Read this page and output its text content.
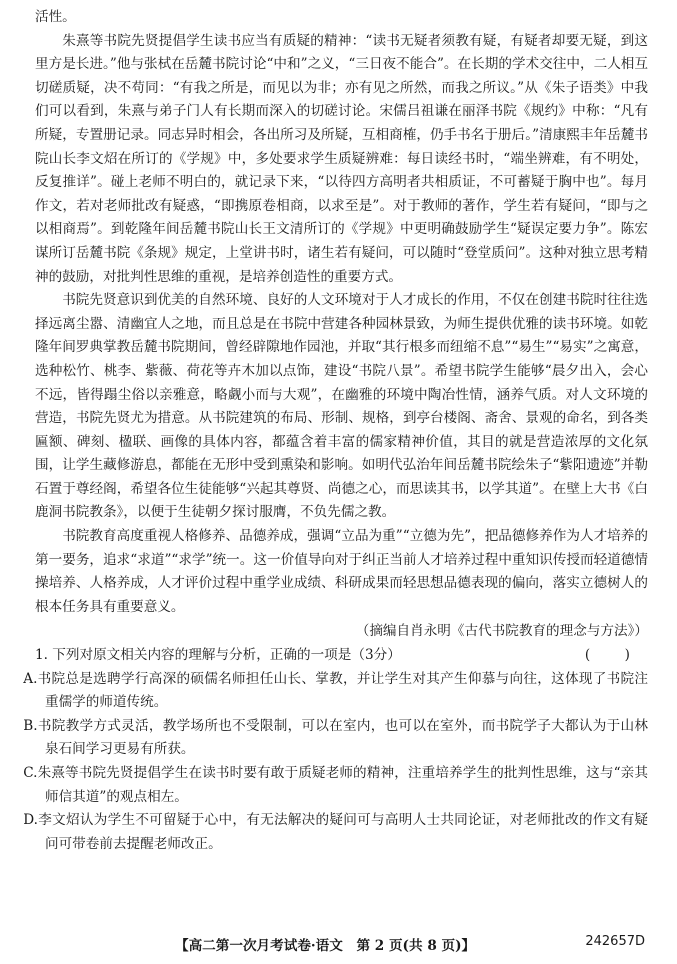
活性。

朱熹等书院先贤提倡学生读书应当有质疑的精神：“读书无疑者须教有疑，有疑者却要无疑，到这里方是长进。”他与张栻在岳麓书院讨论“中和”之义，“三日夜不能合”。在长期的学术交往中，二人相互切磋质疑，决不苟同：“有我之所是，而见以为非；亦有见之所然，而我之所议。”从《朱子语类》中我们可以看到，朱熹与弟子门人有长期而深入的切磋讨论。宋儒吕祖谦在丽泽书院《规约》中称：“凡有所疑，专置册记录。同志异时相会，各出所习及所疑，互相商榷，仍手书名于册后。”清康熙丰年岳麓书院山长李文炤在所订的《学规》中，多处要求学生质疑辨难：每日读经书时，“端坐辨难，有不明处，反复推详”。碰上老师不明白的，就记录下来，“以待四方高明者共相质证，不可蓄疑于胸中也”。每月作文，若对老师批改有疑惑，“即携原卷相商，以求至是”。对于教师的著作，学生若有疑问，“即与之以相商焉”。到乾隆年间岳麓书院山长王文清所订的《学规》中更明确鼓励学生“疑误定要力争”。陈宏谋所订岳麓书院《条规》规定，上堂讲书时，诸生若有疑问，可以随时“登堂质问”。这种对独立思考精神的鼓励，对批判性思维的重视，是培养创造性的重要方式。

书院先贤意识到优美的自然环境、良好的人文环境对于人才成长的作用，不仅在创建书院时往往选择远离尘嚣、清幽宜人之地，而且总是在书院中营建各种园林景致，为师生提供优雅的读书环境。如乾隆年间罗典掌教岳麓书院期间，曾经辟隙地作园池，并取“其行根多而纽缩不息”“易生”“易实”之寓意，选种松竹、桃李、紫薇、荷花等卉木加以点饰，建设“书院八景”。希望书院学生能够“晨夕出入，会心不远，皆得蹋尘俗以亲雅意，略觑小而与大观”，在幽雅的环境中陶冶性情，涵养气质。对人文环境的营造，书院先贤尤为措意。从书院建筑的布局、形制、规格，到亭台楼阁、斋舍、景观的命名，到各类匾额、碑刻、楹联、画像的具体内容，都蕴含着丰富的儒家精神价值，其目的就是营造浓厚的文化氛围，让学生藏修游息，都能在无形中受到熏染和影响。如明代弘治年间岳麓书院绘朱子“紫阳遗迹”并勒石置于尊经阁，希望各位生徒能够“兴起其尊贤、尚德之心，而思读其书，以学其道”。在壁上大书《白鹿洞书院教条》，以便于生徒朝夕探讨服膺，不负先儒之教。

书院教育高度重视人格修养、品德养成，强调“立品为重”“立德为先”，把品德修养作为人才培养的第一要务，追求“求道”“求学”统一。这一价值导向对于纠正当前人才培养过程中重知识传授而轻道德情操培养、人格养成，人才评价过程中重学业成绩、科研成果而轻思想品德表现的偏向，落实立德树人的根本任务具有重要意义。

（摘编自肖永明《古代书院教育的理念与方法》）

1. 下列对原文相关内容的理解与分析，正确的一项是（3分）	(        )

A.书院总是选聘学行高深的硕儒名师担任山长、掌教，并让学生对其产生仰慕与向往，这体现了书院注重儒学的师道传统。

B.书院教学方式灵活，教学场所也不受限制，可以在室内，也可以在室外，而书院学子大都认为于山林泉石间学习更易有所获。

C.朱熹等书院先贤提倡学生在读书时要有敢于质疑老师的精神，注重培养学生的批判性思维，这与“亲其师信其道”的观点相左。

D.李文炤认为学生不可留疑于心中，有无法解决的疑问可与高明人士共同论证，对老师批改的作文有疑问可带卷前去提醒老师改正。

【高二第一次月考试卷·语文　第 2 页(共 8 页)】	242657D
